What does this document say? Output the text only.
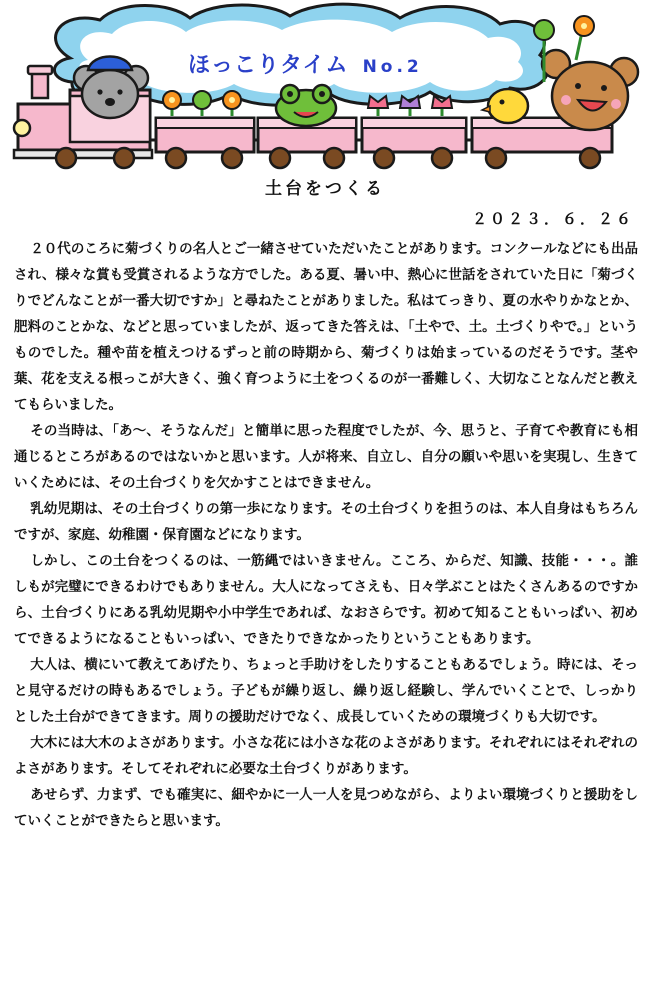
ほっこりタイム No.2
土台をつくる
２０２３．６．２６

２０代のころに菊づくりの名人とご一緒させていただいたことがあります。コンクールなどにも出品され、様々な賞も受賞されるような方でした。ある夏、暑い中、熱心に世話をされていた日に「菊づくりでどんなことが一番大切ですか」と尋ねたことがありました。私はてっきり、夏の水やりかなとか、肥料のことかな、などと思っていましたが、返ってきた答えは、「土やで、土。土づくりやで。」というものでした。種や苗を植えつけるずっと前の時期から、菊づくりは始まっているのだそうです。茎や葉、花を支える根っこが大きく、強く育つように土をつくるのが一番難しく、大切なことなんだと教えてもらいました。

その当時は、「あ〜、そうなんだ」と簡単に思った程度でしたが、今、思うと、子育てや教育にも相通じるところがあるのではないかと思います。人が将来、自立し、自分の願いや思いを実現し、生きていくためには、その土台づくりを欠かすことはできません。

乳幼児期は、その土台づくりの第一歩になります。その土台づくりを担うのは、本人自身はもちろんですが、家庭、幼稚園・保育園などになります。

しかし、この土台をつくるのは、一筋縄ではいきません。こころ、からだ、知識、技能・・・。誰しもが完璧にできるわけでもありません。大人になってさえも、日々学ぶことはたくさんあるのですから、土台づくりにある乳幼児期や小中学生であれば、なおさらです。初めて知ることもいっぱい、初めてできるようになることもいっぱい、できたりできなかったりということもあります。

大人は、横にいて教えてあげたり、ちょっと手助けをしたりすることもあるでしょう。時には、そっと見守るだけの時もあるでしょう。子どもが繰り返し、繰り返し経験し、学んでいくことで、しっかりとした土台ができてきます。周りの援助だけでなく、成長していくための環境づくりも大切です。

大木には大木のよさがあります。小さな花には小さな花のよさがあります。それぞれにはそれぞれのよさがあります。そしてそれぞれに必要な土台づくりがあります。

あせらず、力まず、でも確実に、細やかに一人一人を見つめながら、よりよい環境づくりと援助をしていくことができたらと思います。
